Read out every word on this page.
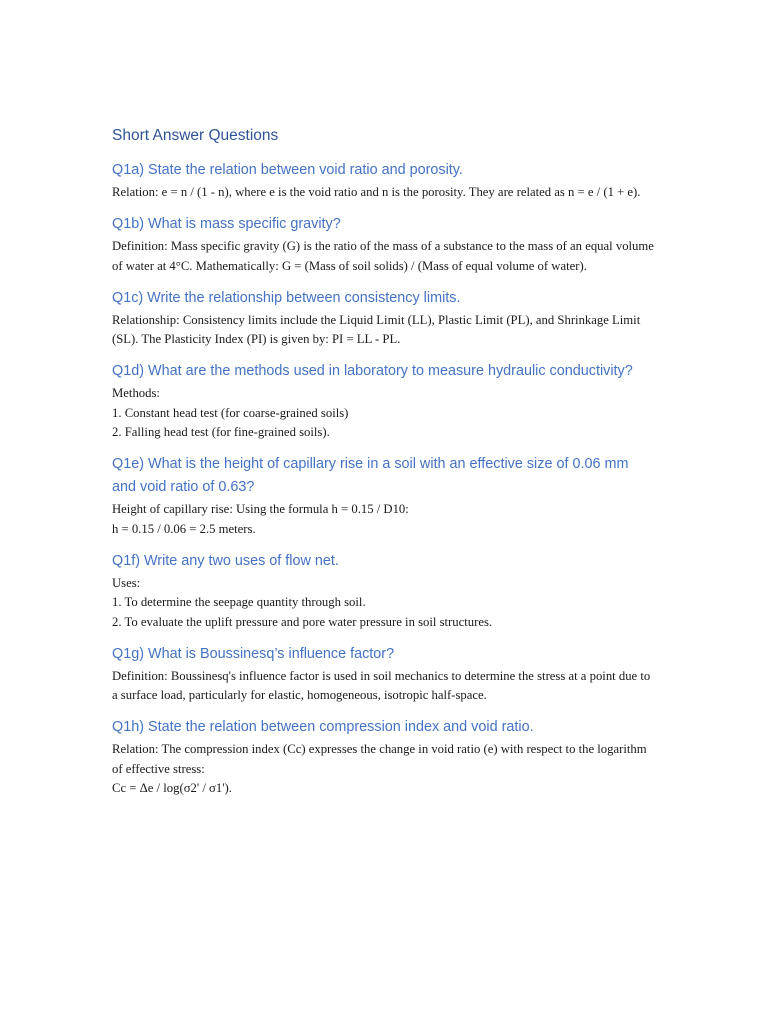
Short Answer Questions
Q1a) State the relation between void ratio and porosity.
Relation: e = n / (1 - n), where e is the void ratio and n is the porosity. They are related as n = e / (1 + e).
Q1b) What is mass specific gravity?
Definition: Mass specific gravity (G) is the ratio of the mass of a substance to the mass of an equal volume of water at 4°C. Mathematically: G = (Mass of soil solids) / (Mass of equal volume of water).
Q1c) Write the relationship between consistency limits.
Relationship: Consistency limits include the Liquid Limit (LL), Plastic Limit (PL), and Shrinkage Limit (SL). The Plasticity Index (PI) is given by: PI = LL - PL.
Q1d) What are the methods used in laboratory to measure hydraulic conductivity?
Methods:
1. Constant head test (for coarse-grained soils)
2. Falling head test (for fine-grained soils).
Q1e) What is the height of capillary rise in a soil with an effective size of 0.06 mm and void ratio of 0.63?
Height of capillary rise: Using the formula h = 0.15 / D10:
h = 0.15 / 0.06 = 2.5 meters.
Q1f) Write any two uses of flow net.
Uses:
1. To determine the seepage quantity through soil.
2. To evaluate the uplift pressure and pore water pressure in soil structures.
Q1g) What is Boussinesq’s influence factor?
Definition: Boussinesq's influence factor is used in soil mechanics to determine the stress at a point due to a surface load, particularly for elastic, homogeneous, isotropic half-space.
Q1h) State the relation between compression index and void ratio.
Relation: The compression index (Cc) expresses the change in void ratio (e) with respect to the logarithm of effective stress:
Cc = Δe / log(σ2' / σ1').
